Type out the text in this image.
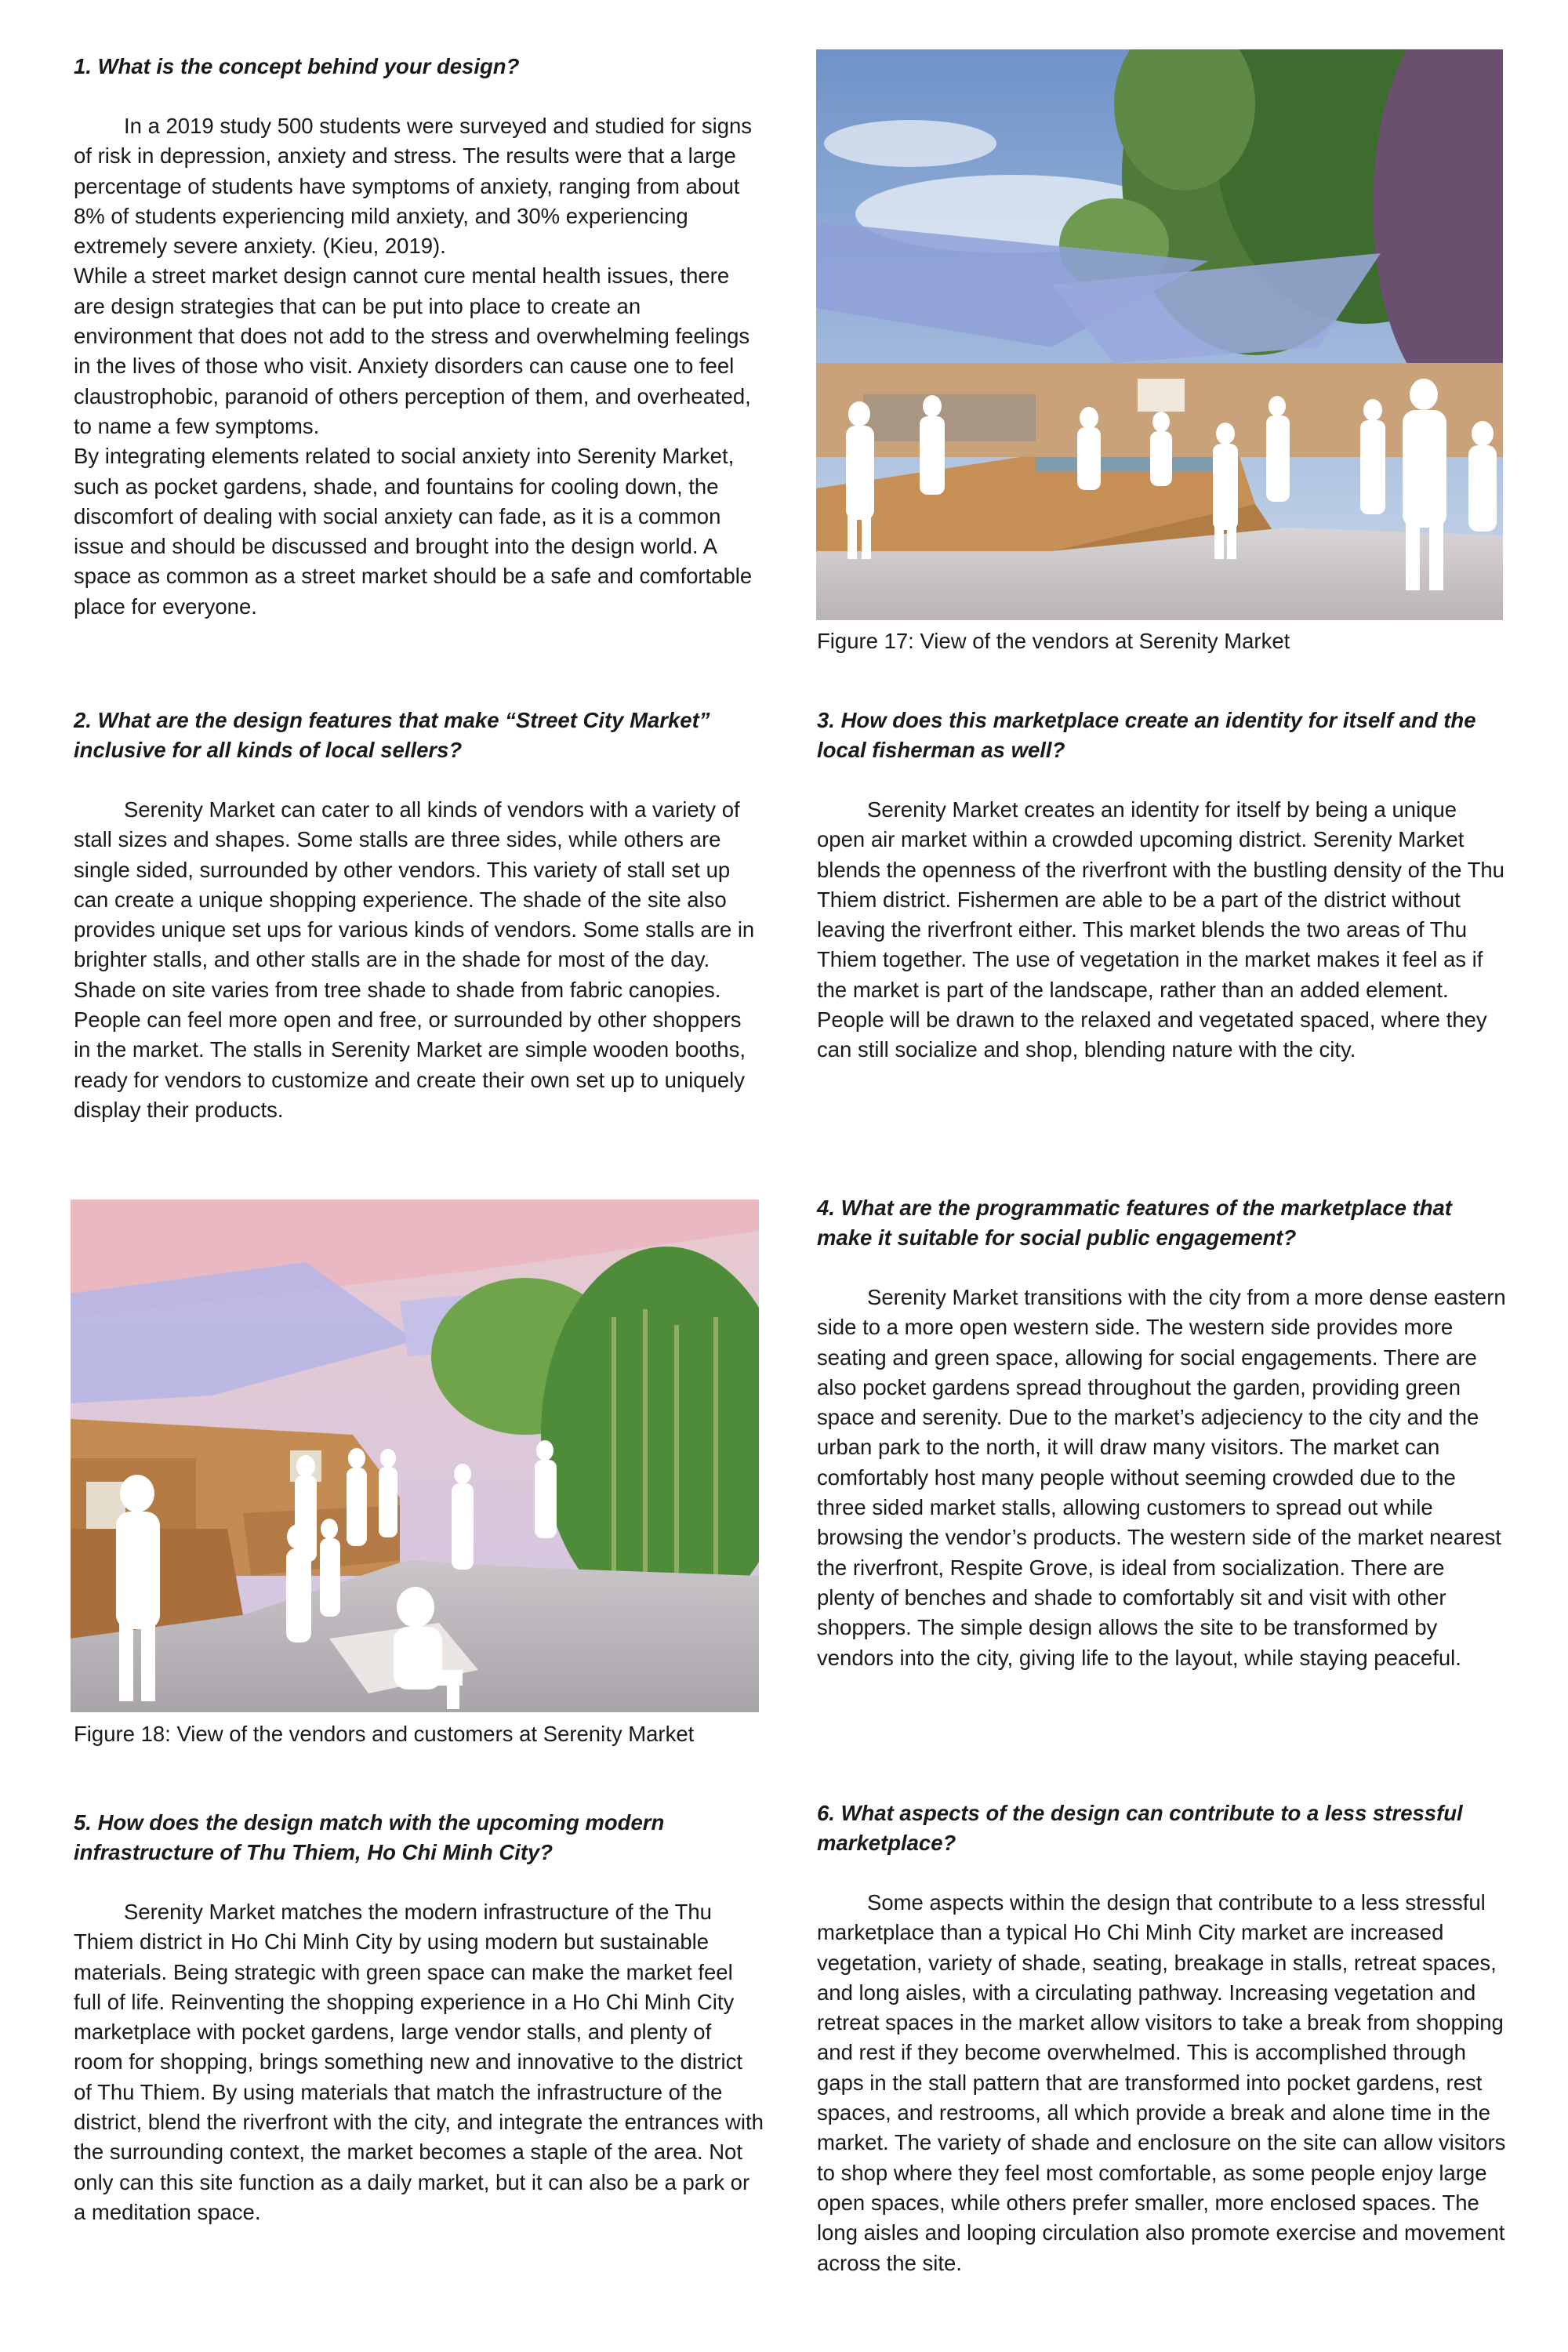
1. What is the concept behind your design?

In a 2019 study 500 students were surveyed and studied for signs of risk in depression, anxiety and stress. The results were that a large percentage of students have symptoms of anxiety, ranging from about 8% of students experiencing mild anxiety, and 30% experiencing extremely severe anxiety. (Kieu, 2019).

While a street market design cannot cure mental health issues, there are design strategies that can be put into place to create an environment that does not add to the stress and overwhelming feelings in the lives of those who visit. Anxiety disorders can cause one to feel claustrophobic, paranoid of others perception of them, and overheated, to name a few symptoms.

By integrating elements related to social anxiety into Serenity Market, such as pocket gardens, shade, and fountains for cooling down, the discomfort of dealing with social anxiety can fade, as it is a common issue and should be discussed and brought into the design world. A space as common as a street market should be a safe and comfortable place for everyone.

Figure 17: View of the vendors at Serenity Market

2. What are the design features that make “Street City Market” inclusive for all kinds of local sellers?

Serenity Market can cater to all kinds of vendors with a variety of stall sizes and shapes. Some stalls are three sides, while others are single sided, surrounded by other vendors. This variety of stall set up can create a unique shopping experience. The shade of the site also provides unique set ups for various kinds of vendors. Some stalls are in brighter stalls, and other stalls are in the shade for most of the day. Shade on site varies from tree shade to shade from fabric canopies. People can feel more open and free, or surrounded by other shoppers in the market. The stalls in Serenity Market are simple wooden booths, ready for vendors to customize and create their own set up to uniquely display their products.

3. How does this marketplace create an identity for itself and the local fisherman as well?

Serenity Market creates an identity for itself by being a unique open air market within a crowded upcoming district. Serenity Market blends the openness of the riverfront with the bustling density of the Thu Thiem district. Fishermen are able to be a part of the district without leaving the riverfront either. This market blends the two areas of Thu Thiem together. The use of vegetation in the market makes it feel as if the market is part of the landscape, rather than an added element. People will be drawn to the relaxed and vegetated spaced, where they can still socialize and shop, blending nature with the city.

Figure 18: View of the vendors and customers at Serenity Market

4. What are the programmatic features of the marketplace that make it suitable for social public engagement?

Serenity Market transitions with the city from a more dense eastern side to a more open western side. The western side provides more seating and green space, allowing for social engagements. There are also pocket gardens spread throughout the garden, providing green space and serenity. Due to the market’s adjeciency to the city and the urban park to the north, it will draw many visitors. The market can comfortably host many people without seeming crowded due to the three sided market stalls, allowing customers to spread out while browsing the vendor’s products. The western side of the market nearest the riverfront, Respite Grove, is ideal from socialization. There are plenty of benches and shade to comfortably sit and visit with other shoppers. The simple design allows the site to be transformed by vendors into the city, giving life to the layout, while staying peaceful.

5. How does the design match with the upcoming modern infrastructure of Thu Thiem, Ho Chi Minh City?

Serenity Market matches the modern infrastructure of the Thu Thiem district in Ho Chi Minh City by using modern but sustainable materials. Being strategic with green space can make the market feel full of life. Reinventing the shopping experience in a Ho Chi Minh City marketplace with pocket gardens, large vendor stalls, and plenty of room for shopping, brings something new and innovative to the district of Thu Thiem. By using materials that match the infrastructure of the district, blend the riverfront with the city, and integrate the entrances with the surrounding context, the market becomes a staple of the area. Not only can this site function as a daily market, but it can also be a park or a meditation space.

6. What aspects of the design can contribute to a less stressful marketplace?

Some aspects within the design that contribute to a less stressful marketplace than a typical Ho Chi Minh City market are increased vegetation, variety of shade, seating, breakage in stalls, retreat spaces, and long aisles, with a circulating pathway. Increasing vegetation and retreat spaces in the market allow visitors to take a break from shopping and rest if they become overwhelmed. This is accomplished through gaps in the stall pattern that are transformed into pocket gardens, rest spaces, and restrooms, all which provide a break and alone time in the market. The variety of shade and enclosure on the site can allow visitors to shop where they feel most comfortable, as some people enjoy large open spaces, while others prefer smaller, more enclosed spaces. The long aisles and looping circulation also promote exercise and movement across the site.
